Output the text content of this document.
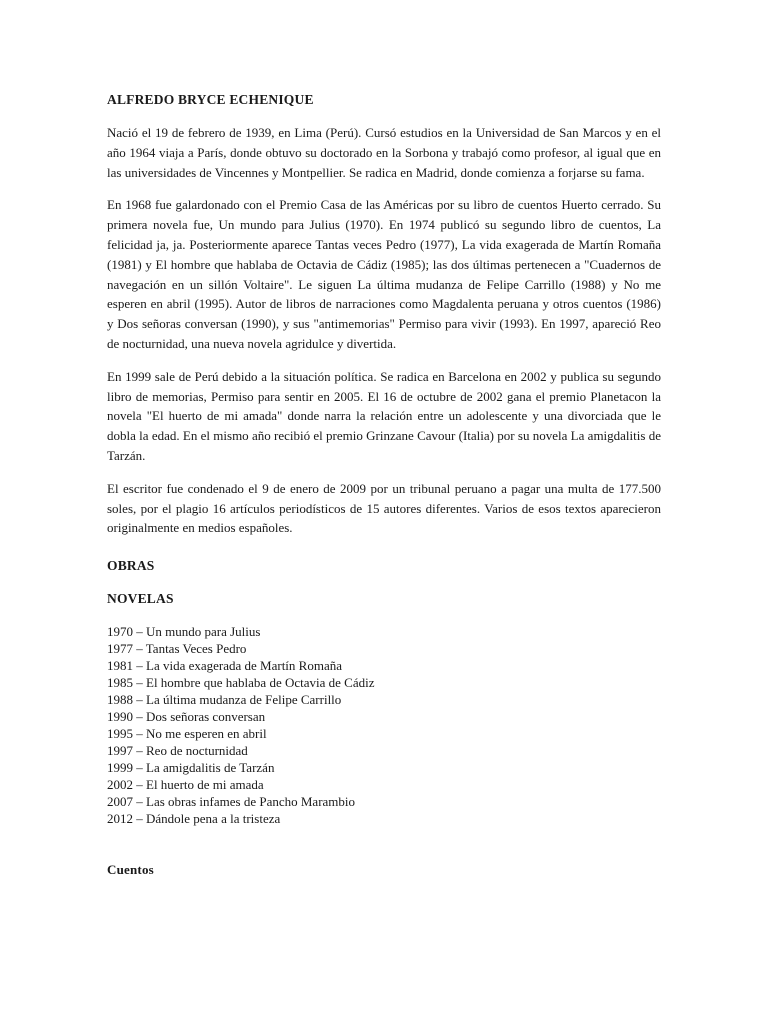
ALFREDO BRYCE ECHENIQUE

Nació el 19 de febrero de 1939, en Lima (Perú). Cursó estudios en la Universidad de San Marcos y en el año 1964 viaja a París, donde obtuvo su doctorado en la Sorbona y trabajó como profesor, al igual que en las universidades de Vincennes y Montpellier. Se radica en Madrid, donde comienza a forjarse su fama.

En 1968 fue galardonado con el Premio Casa de las Américas por su libro de cuentos Huerto cerrado. Su primera novela fue, Un mundo para Julius (1970). En 1974 publicó su segundo libro de cuentos, La felicidad ja, ja. Posteriormente aparece Tantas veces Pedro (1977), La vida exagerada de Martín Romaña (1981) y El hombre que hablaba de Octavia de Cádiz (1985); las dos últimas pertenecen a "Cuadernos de navegación en un sillón Voltaire". Le siguen La última mudanza de Felipe Carrillo (1988) y No me esperen en abril (1995). Autor de libros de narraciones como Magdalenta peruana y otros cuentos (1986) y Dos señoras conversan (1990), y sus "antimemorias" Permiso para vivir (1993). En 1997, apareció Reo de nocturnidad, una nueva novela agridulce y divertida.

En 1999 sale de Perú debido a la situación política. Se radica en Barcelona en 2002 y publica su segundo libro de memorias, Permiso para sentir en 2005. El 16 de octubre de 2002 gana el premio Planetacon la novela "El huerto de mi amada" donde narra la relación entre un adolescente y una divorciada que le dobla la edad. En el mismo año recibió el premio Grinzane Cavour (Italia) por su novela La amigdalitis de Tarzán.

El escritor fue condenado el 9 de enero de 2009 por un tribunal peruano a pagar una multa de 177.500 soles, por el plagio 16 artículos periodísticos de 15 autores diferentes. Varios de esos textos aparecieron originalmente en medios españoles.

OBRAS
NOVELAS
1970 – Un mundo para Julius
1977 – Tantas Veces Pedro
1981 – La vida exagerada de Martín Romaña
1985 – El hombre que hablaba de Octavia de Cádiz
1988 – La última mudanza de Felipe Carrillo
1990 – Dos señoras conversan
1995 – No me esperen en abril
1997 – Reo de nocturnidad
1999 – La amigdalitis de Tarzán
2002 – El huerto de mi amada
2007 – Las obras infames de Pancho Marambio
2012 – Dándole pena a la tristeza
Cuentos
